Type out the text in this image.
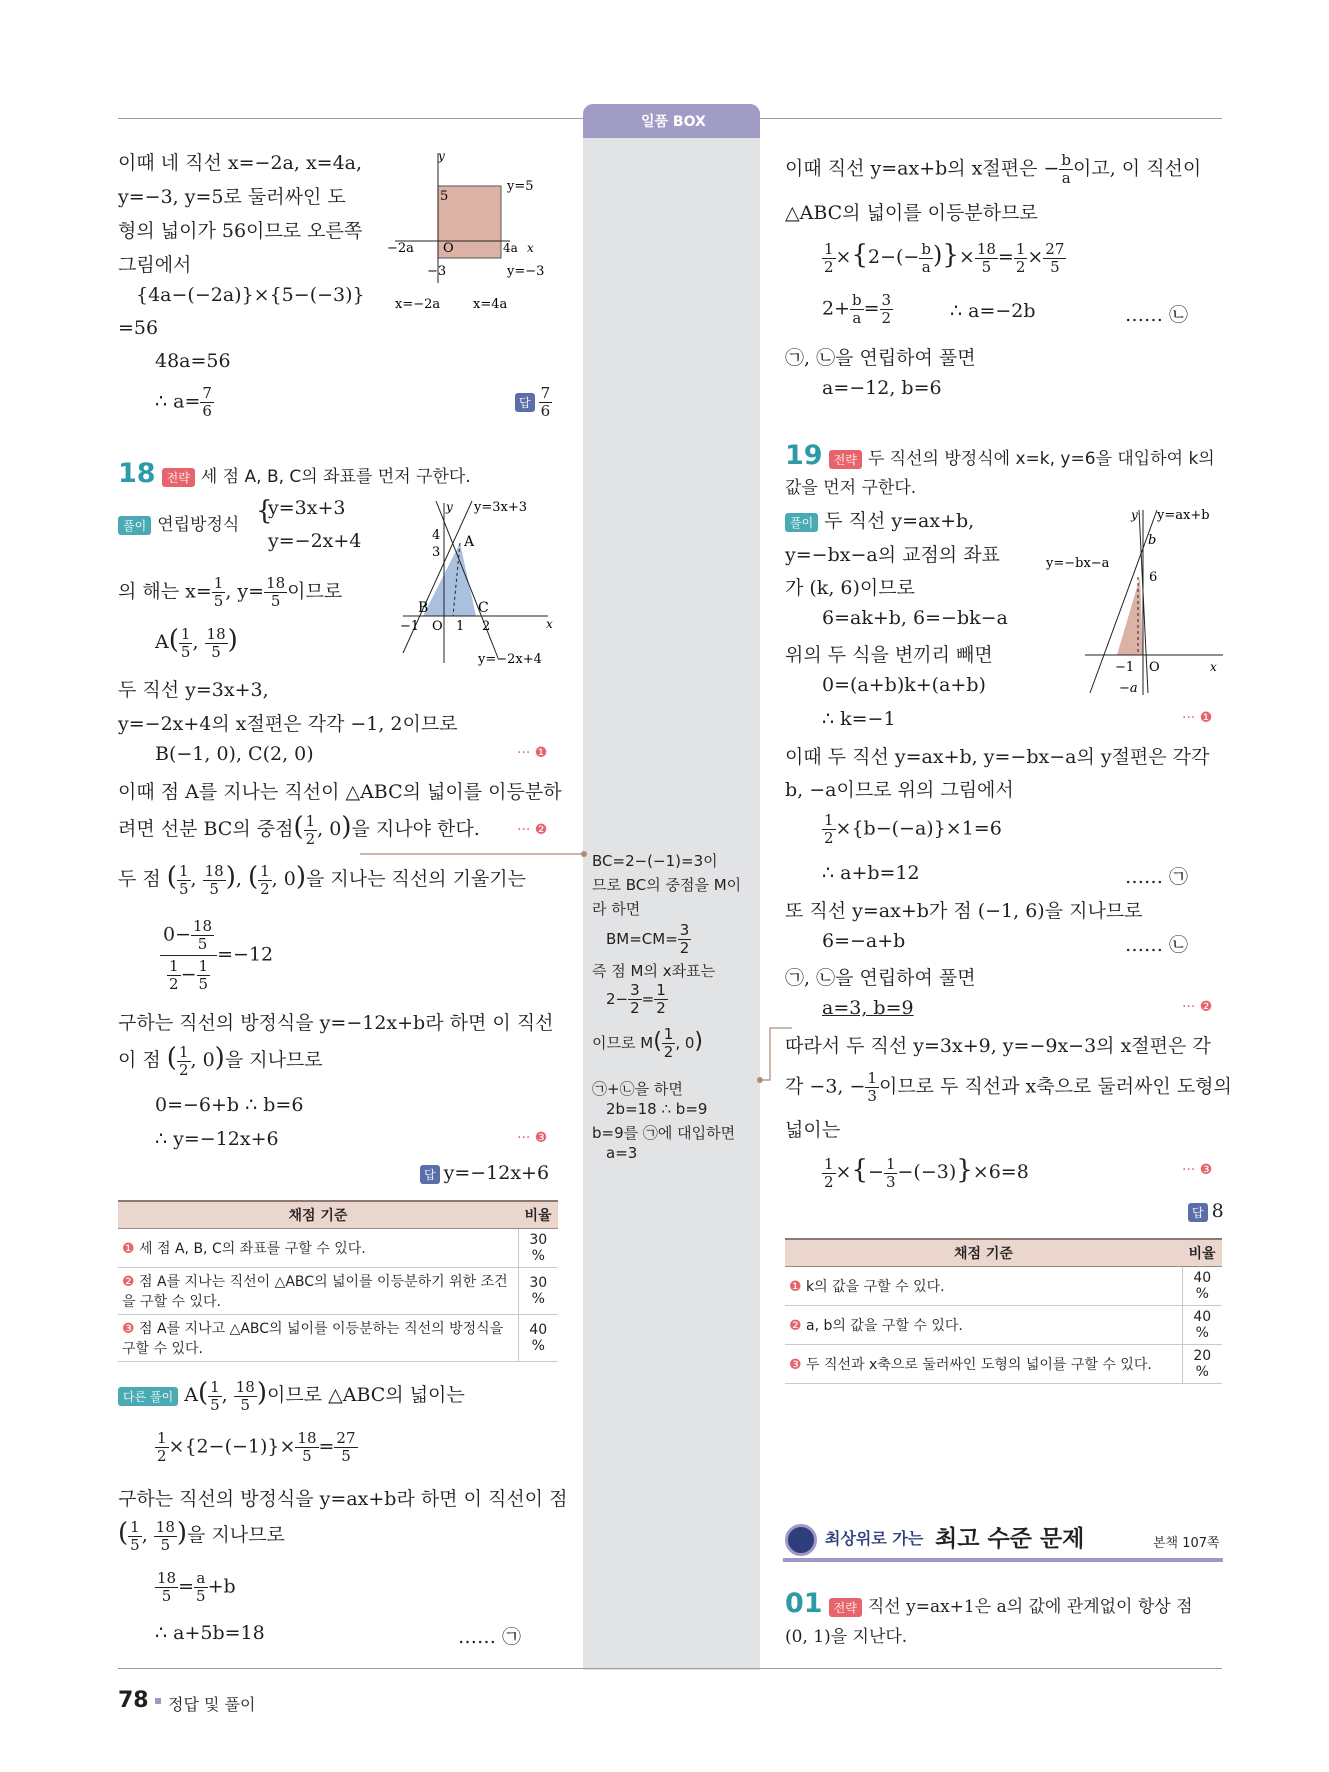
일품 BOX
이때 네 직선 x=−2a, x=4a,
y=−3, y=5로 둘러싸인 도
형의 넓이가 56이므로 오른쪽
그림에서
{4a−(−2a)}×{5−(−3)}
=56
48a=56
∴ $a= \frac{7}{6}$	답 $\frac{7}{6}$
y
5
y=5
−2a O	4a x
−3	y=−3
x=−2a	x=4a
18 전략 세 점 A, B, C의 좌표를 먼저 구한다.
풀이 연립방정식 {
y=3x+3
y=−2x+4
의 해는 $x= \frac{1}{5}$ , $y= \frac{18}{5}$ 이므로
$A( \frac{1}{5}$ , $\frac{18}{5}$ )
두 직선 y=3x+3,
y=−2x+4의 x절편은 각각 −1, 2이므로
B(−1, 0), C(2, 0)	··· ❶
이때 점 A를 지나는 직선이 △ABC의 넓이를 이등분하
려면 선분 BC의 중점( $\frac{1}{2}$ , 0)을 지나야 한다.	··· ❷
두 점 ( $\frac{1}{5}$ , $\frac{18}{5}$ ), ( $\frac{1}{2}$ , 0)을 지나는 직선의 기울기는
$\frac{0- \frac{18}{5}}{\frac{1}{2} - \frac{1}{5}} =-12$
구하는 직선의 방정식을 y=−12x+b라 하면 이 직선
이 점 ( $\frac{1}{2}$ , 0)을 지나므로
0=−6+b ∴ b=6
∴ y=−12x+6	··· ❸
답 y=−12x+6
y=3x+3
y=−2x+4
y
4
3
A
B	C
−1 O 1 2	x
채점 기준	비율
❶ 세 점 A, B, C의 좌표를 구할 수 있다.	30 %
❷ 점 A를 지나는 직선이 △ABC의 넓이를 이등분하기 위한 조건을 구할 수 있다.	30 %
❸ 점 A를 지나고 △ABC의 넓이를 이등분하는 직선의 방정식을 구할 수 있다.	40 %
다른 풀이 $A( \frac{1}{5}$ , $\frac{18}{5}$ )이므로 △ABC의 넓이는
$\frac{1}{2} \times\{2-(-1)\}\times \frac{18}{5} = \frac{27}{5}$
구하는 직선의 방정식을 y=ax+b라 하면 이 직선이 점
( $\frac{1}{5}$ , $\frac{18}{5}$ )을 지나므로
$\frac{18}{5} = \frac{a}{5} +b$
∴ a+5b=18	…… ㉠
BC=2−(−1)=3이
므로 BC의 중점을 M이
라 하면
$BM=CM= \frac{3}{2}$
즉 점 M의 x좌표는
$2- \frac{3}{2} = \frac{1}{2}$
이므로 $M( \frac{1}{2}$ , 0)
㉠+㉡을 하면
2b=18 ∴ b=9
b=9를 ㉠에 대입하면
a=3
이때 직선 y=ax+b의 x절편은 − $\frac{b}{a}$ 이고, 이 직선이
△ABC의 넓이를 이등분하므로
$\frac{1}{2} \times\{2-(- \frac{b}{a}$ )}× $\frac{18}{5} = \frac{1}{2} \times \frac{27}{5}$
$2+ \frac{b}{a} = \frac{3}{2}$	∴ a=−2b	…… ㉡
㉠, ㉡을 연립하여 풀면
a=−12, b=6
19 전략 두 직선의 방정식에 x=k, y=6을 대입하여 k의
값을 먼저 구한다.
풀이 두 직선 y=ax+b,
y=−bx−a의 교점의 좌표
가 (k, 6)이므로
6=ak+b, 6=−bk−a
위의 두 식을 변끼리 빼면
0=(a+b)k+(a+b)
∴ k=−1	··· ❶
이때 두 직선 y=ax+b, y=−bx−a의 y절편은 각각
b, −a이므로 위의 그림에서
$\frac{1}{2} \times\{b-(-a)\}\times 1=6$
∴ a+b=12	…… ㉠
또 직선 y=ax+b가 점 (−1, 6)을 지나므로
6=−a+b	…… ㉡
㉠, ㉡을 연립하여 풀면
a=3, b=9	··· ❷
따라서 두 직선 y=3x+9, y=−9x−3의 x절편은 각
각 −3, − $\frac{1}{3}$ 이므로 두 직선과 x축으로 둘러싸인 도형의
넓이는
$\frac{1}{2}$ ×{− $\frac{1}{3} -(-3)\}\times 6=8$	··· ❸
답 8
y=ax+b
y=−bx−a
y
b
6
−1 O
−a
x
채점 기준	비율
❶ k의 값을 구할 수 있다.	40 %
❷ a, b의 값을 구할 수 있다.	40 %
❸ 두 직선과 x축으로 둘러싸인 도형의 넓이를 구할 수 있다.	20 %
최상위로 가는 최고 수준 문제	본책 107쪽
01 전략 직선 y=ax+1은 a의 값에 관계없이 항상 점
(0, 1)을 지난다.
78 정답 및 풀이
